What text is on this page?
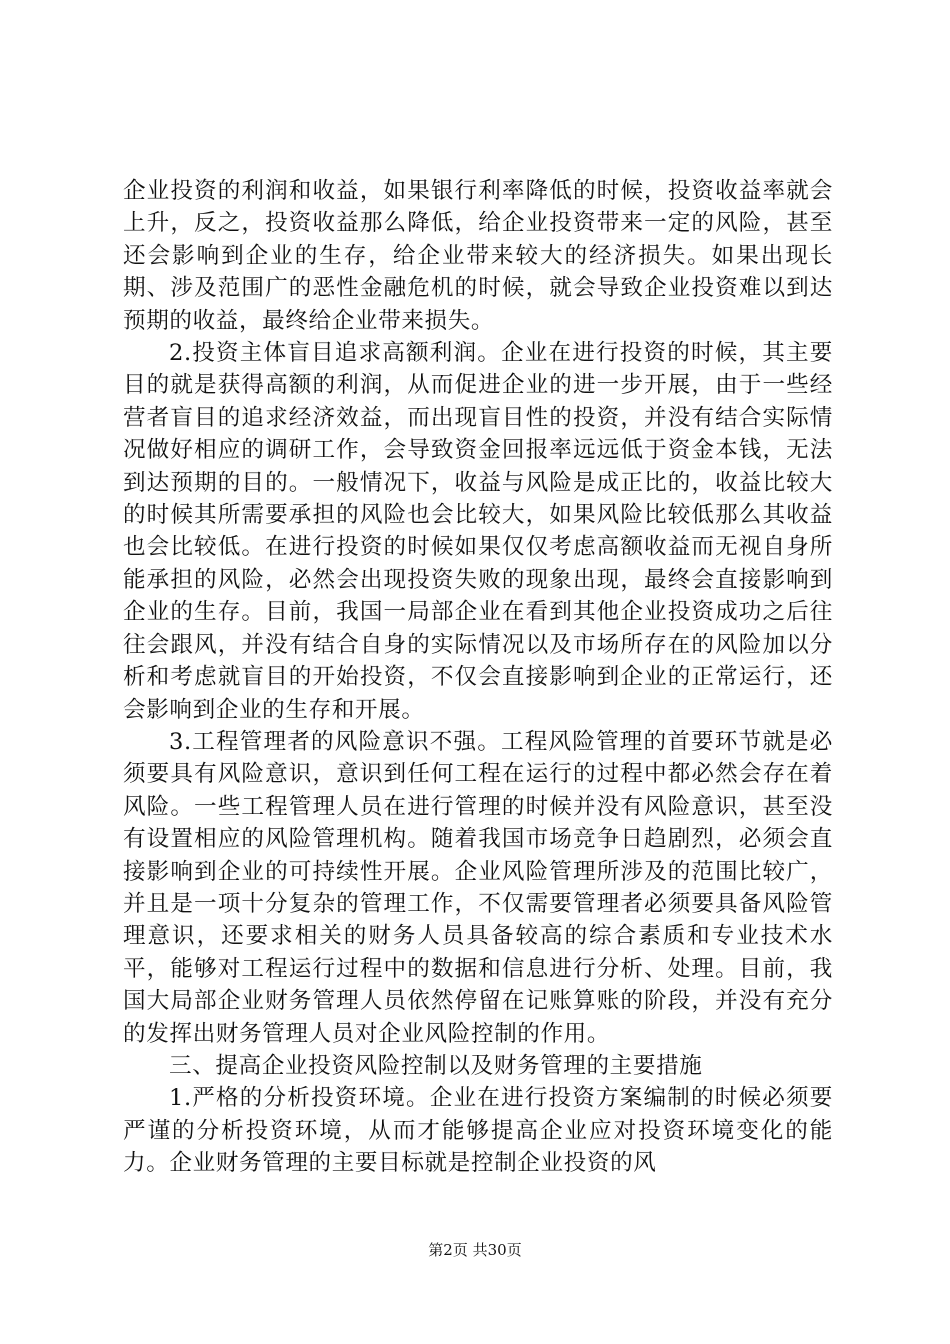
企业投资的利润和收益，如果银行利率降低的时候，投资收益率就会上升，反之，投资收益那么降低，给企业投资带来一定的风险，甚至还会影响到企业的生存，给企业带来较大的经济损失。如果出现长期、涉及范围广的恶性金融危机的时候，就会导致企业投资难以到达预期的收益，最终给企业带来损失。

2.投资主体盲目追求高额利润。企业在进行投资的时候，其主要目的就是获得高额的利润，从而促进企业的进一步开展，由于一些经营者盲目的追求经济效益，而出现盲目性的投资，并没有结合实际情况做好相应的调研工作，会导致资金回报率远远低于资金本钱，无法到达预期的目的。一般情况下，收益与风险是成正比的，收益比较大的时候其所需要承担的风险也会比较大，如果风险比较低那么其收益也会比较低。在进行投资的时候如果仅仅考虑高额收益而无视自身所能承担的风险，必然会出现投资失败的现象出现，最终会直接影响到企业的生存。目前，我国一局部企业在看到其他企业投资成功之后往往会跟风，并没有结合自身的实际情况以及市场所存在的风险加以分析和考虑就盲目的开始投资，不仅会直接影响到企业的正常运行，还会影响到企业的生存和开展。

3.工程管理者的风险意识不强。工程风险管理的首要环节就是必须要具有风险意识，意识到任何工程在运行的过程中都必然会存在着风险。一些工程管理人员在进行管理的时候并没有风险意识，甚至没有设置相应的风险管理机构。随着我国市场竞争日趋剧烈，必须会直接影响到企业的可持续性开展。企业风险管理所涉及的范围比较广，并且是一项十分复杂的管理工作，不仅需要管理者必须要具备风险管理意识，还要求相关的财务人员具备较高的综合素质和专业技术水平，能够对工程运行过程中的数据和信息进行分析、处理。目前，我国大局部企业财务管理人员依然停留在记账算账的阶段，并没有充分的发挥出财务管理人员对企业风险控制的作用。

三、提高企业投资风险控制以及财务管理的主要措施

1.严格的分析投资环境。企业在进行投资方案编制的时候必须要严谨的分析投资环境，从而才能够提高企业应对投资环境变化的能力。企业财务管理的主要目标就是控制企业投资的风

第2页 共30页
